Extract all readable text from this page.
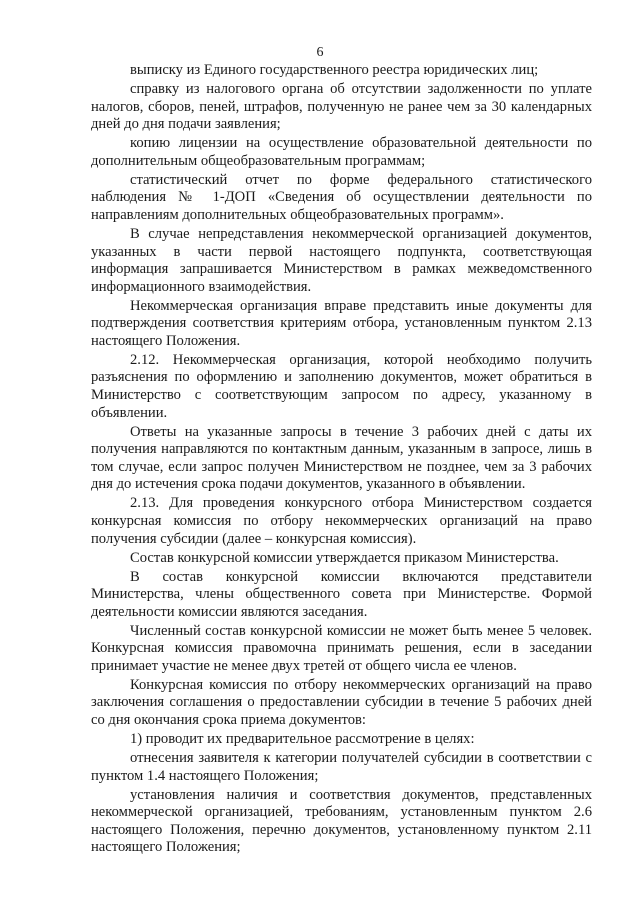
6

выписку из Единого государственного реестра юридических лиц;

справку из налогового органа об отсутствии задолженности по уплате налогов, сборов, пеней, штрафов, полученную не ранее чем за 30 календарных дней до дня подачи заявления;

копию лицензии на осуществление образовательной деятельности по дополнительным общеобразовательным программам;

статистический отчет по форме федерального статистического наблюдения № 1-ДОП «Сведения об осуществлении деятельности по направлениям дополнительных общеобразовательных программ».

В случае непредставления некоммерческой организацией документов, указанных в части первой настоящего подпункта, соответствующая информация запрашивается Министерством в рамках межведомственного информационного взаимодействия.

Некоммерческая организация вправе представить иные документы для подтверждения соответствия критериям отбора, установленным пунктом 2.13 настоящего Положения.

2.12. Некоммерческая организация, которой необходимо получить разъяснения по оформлению и заполнению документов, может обратиться в Министерство с соответствующим запросом по адресу, указанному в объявлении.

Ответы на указанные запросы в течение 3 рабочих дней с даты их получения направляются по контактным данным, указанным в запросе, лишь в том случае, если запрос получен Министерством не позднее, чем за 3 рабочих дня до истечения срока подачи документов, указанного в объявлении.

2.13. Для проведения конкурсного отбора Министерством создается конкурсная комиссия по отбору некоммерческих организаций на право получения субсидии (далее – конкурсная комиссия).

Состав конкурсной комиссии утверждается приказом Министерства.

В состав конкурсной комиссии включаются представители Министерства, члены общественного совета при Министерстве. Формой деятельности комиссии являются заседания.

Численный состав конкурсной комиссии не может быть менее 5 человек. Конкурсная комиссия правомочна принимать решения, если в заседании принимает участие не менее двух третей от общего числа ее членов.

Конкурсная комиссия по отбору некоммерческих организаций на право заключения соглашения о предоставлении субсидии в течение 5 рабочих дней со дня окончания срока приема документов:

1) проводит их предварительное рассмотрение в целях:

отнесения заявителя к категории получателей субсидии в соответствии с пунктом 1.4 настоящего Положения;

установления наличия и соответствия документов, представленных некоммерческой организацией, требованиям, установленным пунктом 2.6 настоящего Положения, перечню документов, установленному пунктом 2.11 настоящего Положения;
